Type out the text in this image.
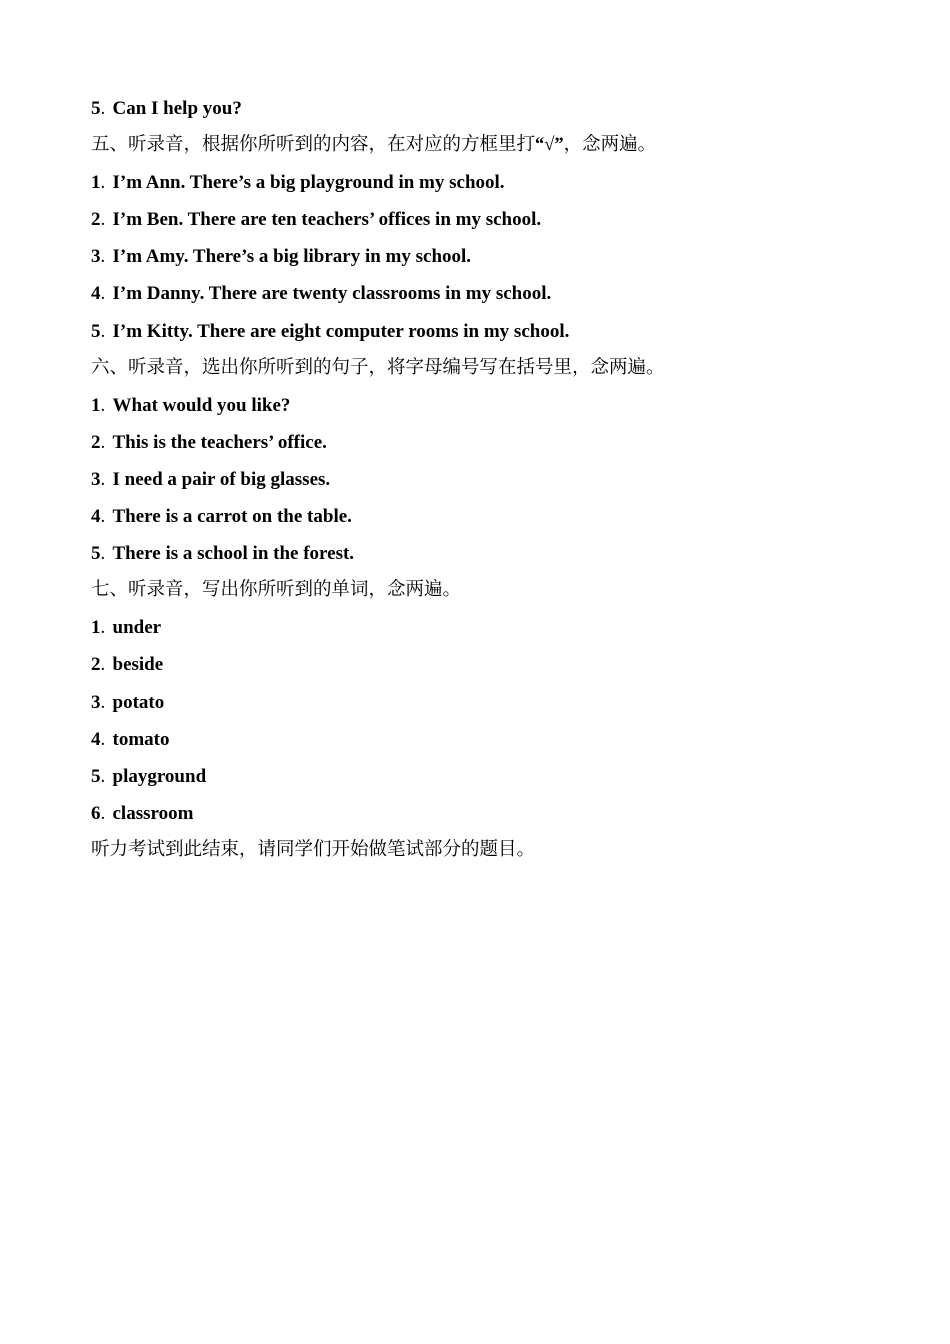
5. Can I help you?
五、听录音，根据你所听到的内容，在对应的方框里打“√”，念两遍。
1. I’m Ann. There’s a big playground in my school.
2. I’m Ben. There are ten teachers’ offices in my school.
3. I’m Amy. There’s a big library in my school.
4. I’m Danny. There are twenty classrooms in my school.
5. I’m Kitty. There are eight computer rooms in my school.
六、听录音，选出你所听到的句子，将字母编号写在括号里，念两遍。
1. What would you like?
2. This is the teachers’ office.
3. I need a pair of big glasses.
4. There is a carrot on the table.
5. There is a school in the forest.
七、听录音，写出你所听到的单词，念两遍。
1. under
2. beside
3. potato
4. tomato
5. playground
6. classroom
听力考试到此结束，请同学们开始做笔试部分的题目。
